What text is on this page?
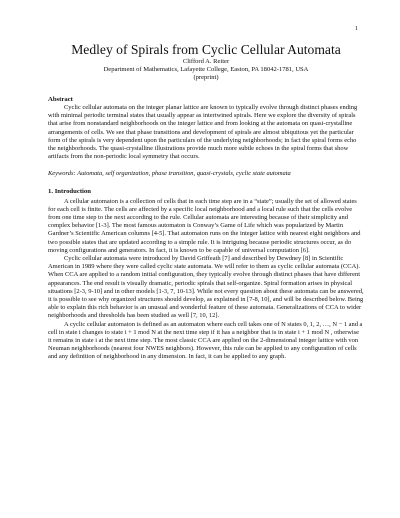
1
Medley of Spirals from Cyclic Cellular Automata

Clifford A. Reiter

Department of Mathematics, Lafayette College, Easton, PA 18042-1781, USA

(preprint)

Abstract

Cyclic cellular automata on the integer planar lattice are known to typically evolve through distinct phases ending with minimal periodic terminal states that usually appear as intertwined spirals. Here we explore the diversity of spirals that arise from nonstandard neighborhoods on the integer lattice and from looking at the automata on quasi-crystalline arrangements of cells. We see that phase transitions and development of spirals are almost ubiquitous yet the particular form of the spirals is very dependent upon the particulars of the underlying neighborhoods; in fact the spiral forms echo the neighborhoods. The quasi-crystalline illustrations provide much more subtle echoes in the spiral forms that show artifacts from the non-periodic local symmetry that occurs.

Keywords: Automata, self organization, phase transition, quasi-crystals, cyclic state automata

1. Introduction

A cellular automaton is a collection of cells that in each time step are in a “state”; usually the set of allowed states for each cell is finite. The cells are affected by a specific local neighborhood and a local rule such that the cells evolve from one time step to the next according to the rule. Cellular automata are interesting because of their simplicity and complex behavior [1-3]. The most famous automaton is Conway’s Game of Life which was popularized by Martin Gardner’s Scientific American columns [4-5]. That automaton runs on the integer lattice with nearest eight neighbors and two possible states that are updated according to a simple rule. It is intriguing because periodic structures occur, as do moving configurations and generators. In fact, it is known to be capable of universal computation [6].

Cyclic cellular automata were introduced by David Griffeath [7] and described by Dewdney [8] in Scientific American in 1989 where they were called cyclic state automata. We will refer to them as cyclic cellular automata (CCA). When CCA are applied to a random initial configuration, they typically evolve through distinct phases that have different appearances. The end result is visually dramatic, periodic spirals that self-organize. Spiral formation arises in physical situations [2-3, 9-10] and in other models [1-3, 7, 10-13]. While not every question about these automata can be answered, it is possible to see why organized structures should develop, as explained in [7-8, 10], and will be described below. Being able to explain this rich behavior is an unusual and wonderful feature of these automata. Generalizations of CCA to wider neighborhoods and thresholds has been studied as well [7, 10, 12].

A cyclic cellular automaton is defined as an automaton where each cell takes one of N states 0, 1, 2, …, N − 1 and a cell in state i changes to state i + 1 mod N at the next time step if it has a neighbor that is in state i + 1 mod N , otherwise it remains in state i at the next time step. The most classic CCA are applied on the 2-dimensional integer lattice with von Neuman neighborhoods (nearest four NWES neighbors). However, this rule can be applied to any configuration of cells and any definition of neighborhood in any dimension. In fact, it can be applied to any graph.
